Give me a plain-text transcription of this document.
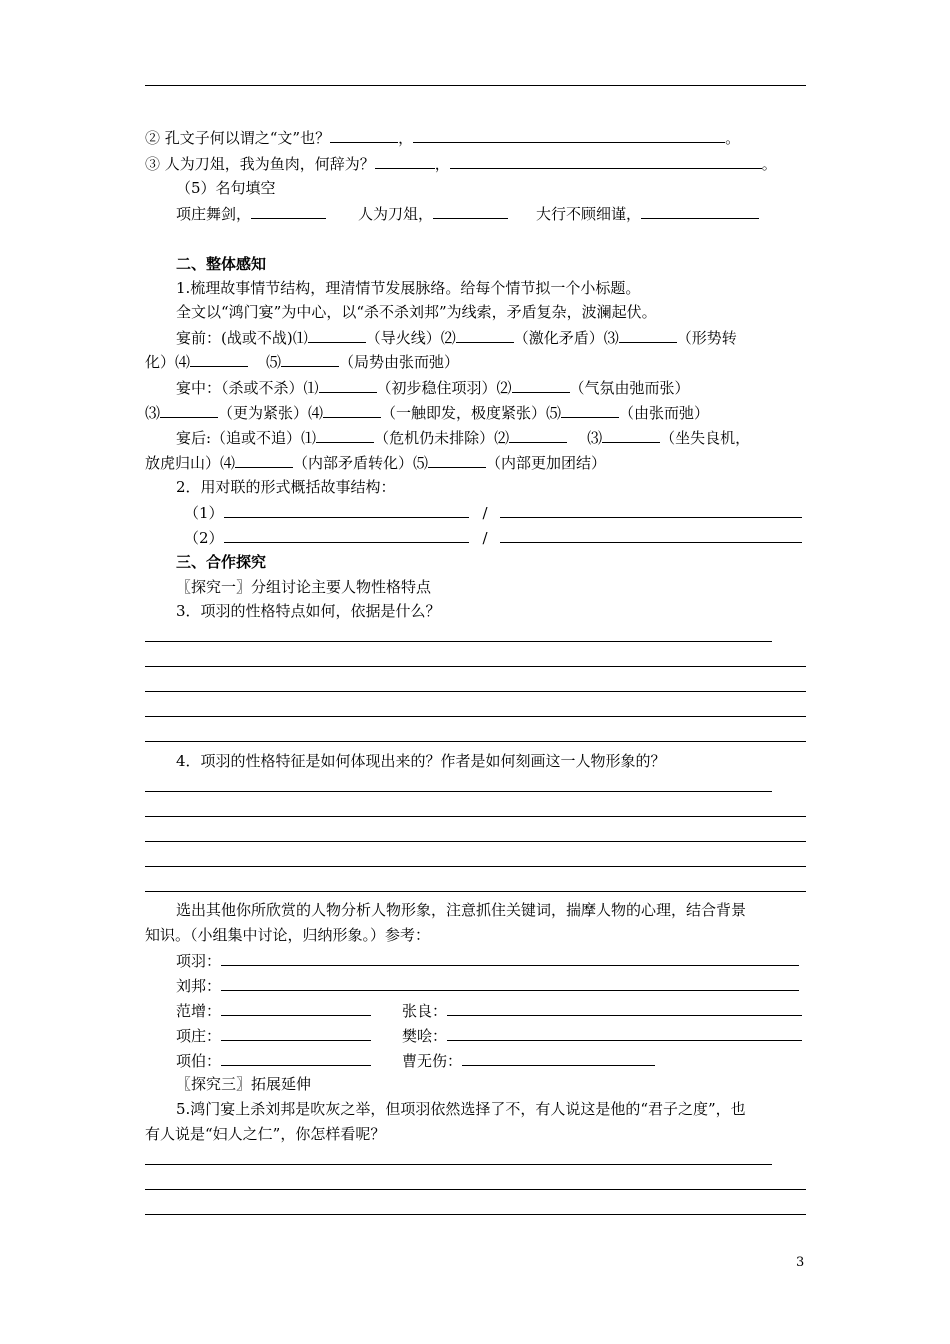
② 孔文子何以谓之“文”也？	，	。
③ 人为刀俎，我为鱼肉，何辞为？	，	。
（5）名句填空
项庄舞剑，	人为刀俎，	大行不顾细谨，
二、整体感知
1.梳理故事情节结构，理清情节发展脉络。给每个情节拟一个小标题。
全文以“鸿门宴”为中心，以“杀不杀刘邦”为线索，矛盾复杂，波澜起伏。
宴前：(战或不战)⑴	（导火线）⑵	（激化矛盾）⑶	（形势转
化）⑷	⑸	（局势由张而弛）
宴中：（杀或不杀）⑴	（初步稳住项羽）⑵	（气氛由弛而张）
⑶	（更为紧张）⑷	（一触即发，极度紧张）⑸	（由张而弛）
宴后:（追或不追）⑴	（危机仍未排除）⑵	⑶	（坐失良机，
放虎归山）⑷	（内部矛盾转化）⑸	（内部更加团结）
2．用对联的形式概括故事结构：
（1）	/
（2）	/
三、合作探究
〖探究一〗分组讨论主要人物性格特点
3．项羽的性格特点如何，依据是什么？
4．项羽的性格特征是如何体现出来的？作者是如何刻画这一人物形象的？
选出其他你所欣赏的人物分析人物形象，注意抓住关键词，揣摩人物的心理，结合背景
知识。（小组集中讨论，归纳形象。）参考：
项羽：
刘邦：
范增：	张良：
项庄：	樊哙：
项伯：	曹无伤：
〖探究三〗拓展延伸
5.鸿门宴上杀刘邦是吹灰之举，但项羽依然选择了不，有人说这是他的“君子之度”，也
有人说是“妇人之仁”，你怎样看呢？
3
